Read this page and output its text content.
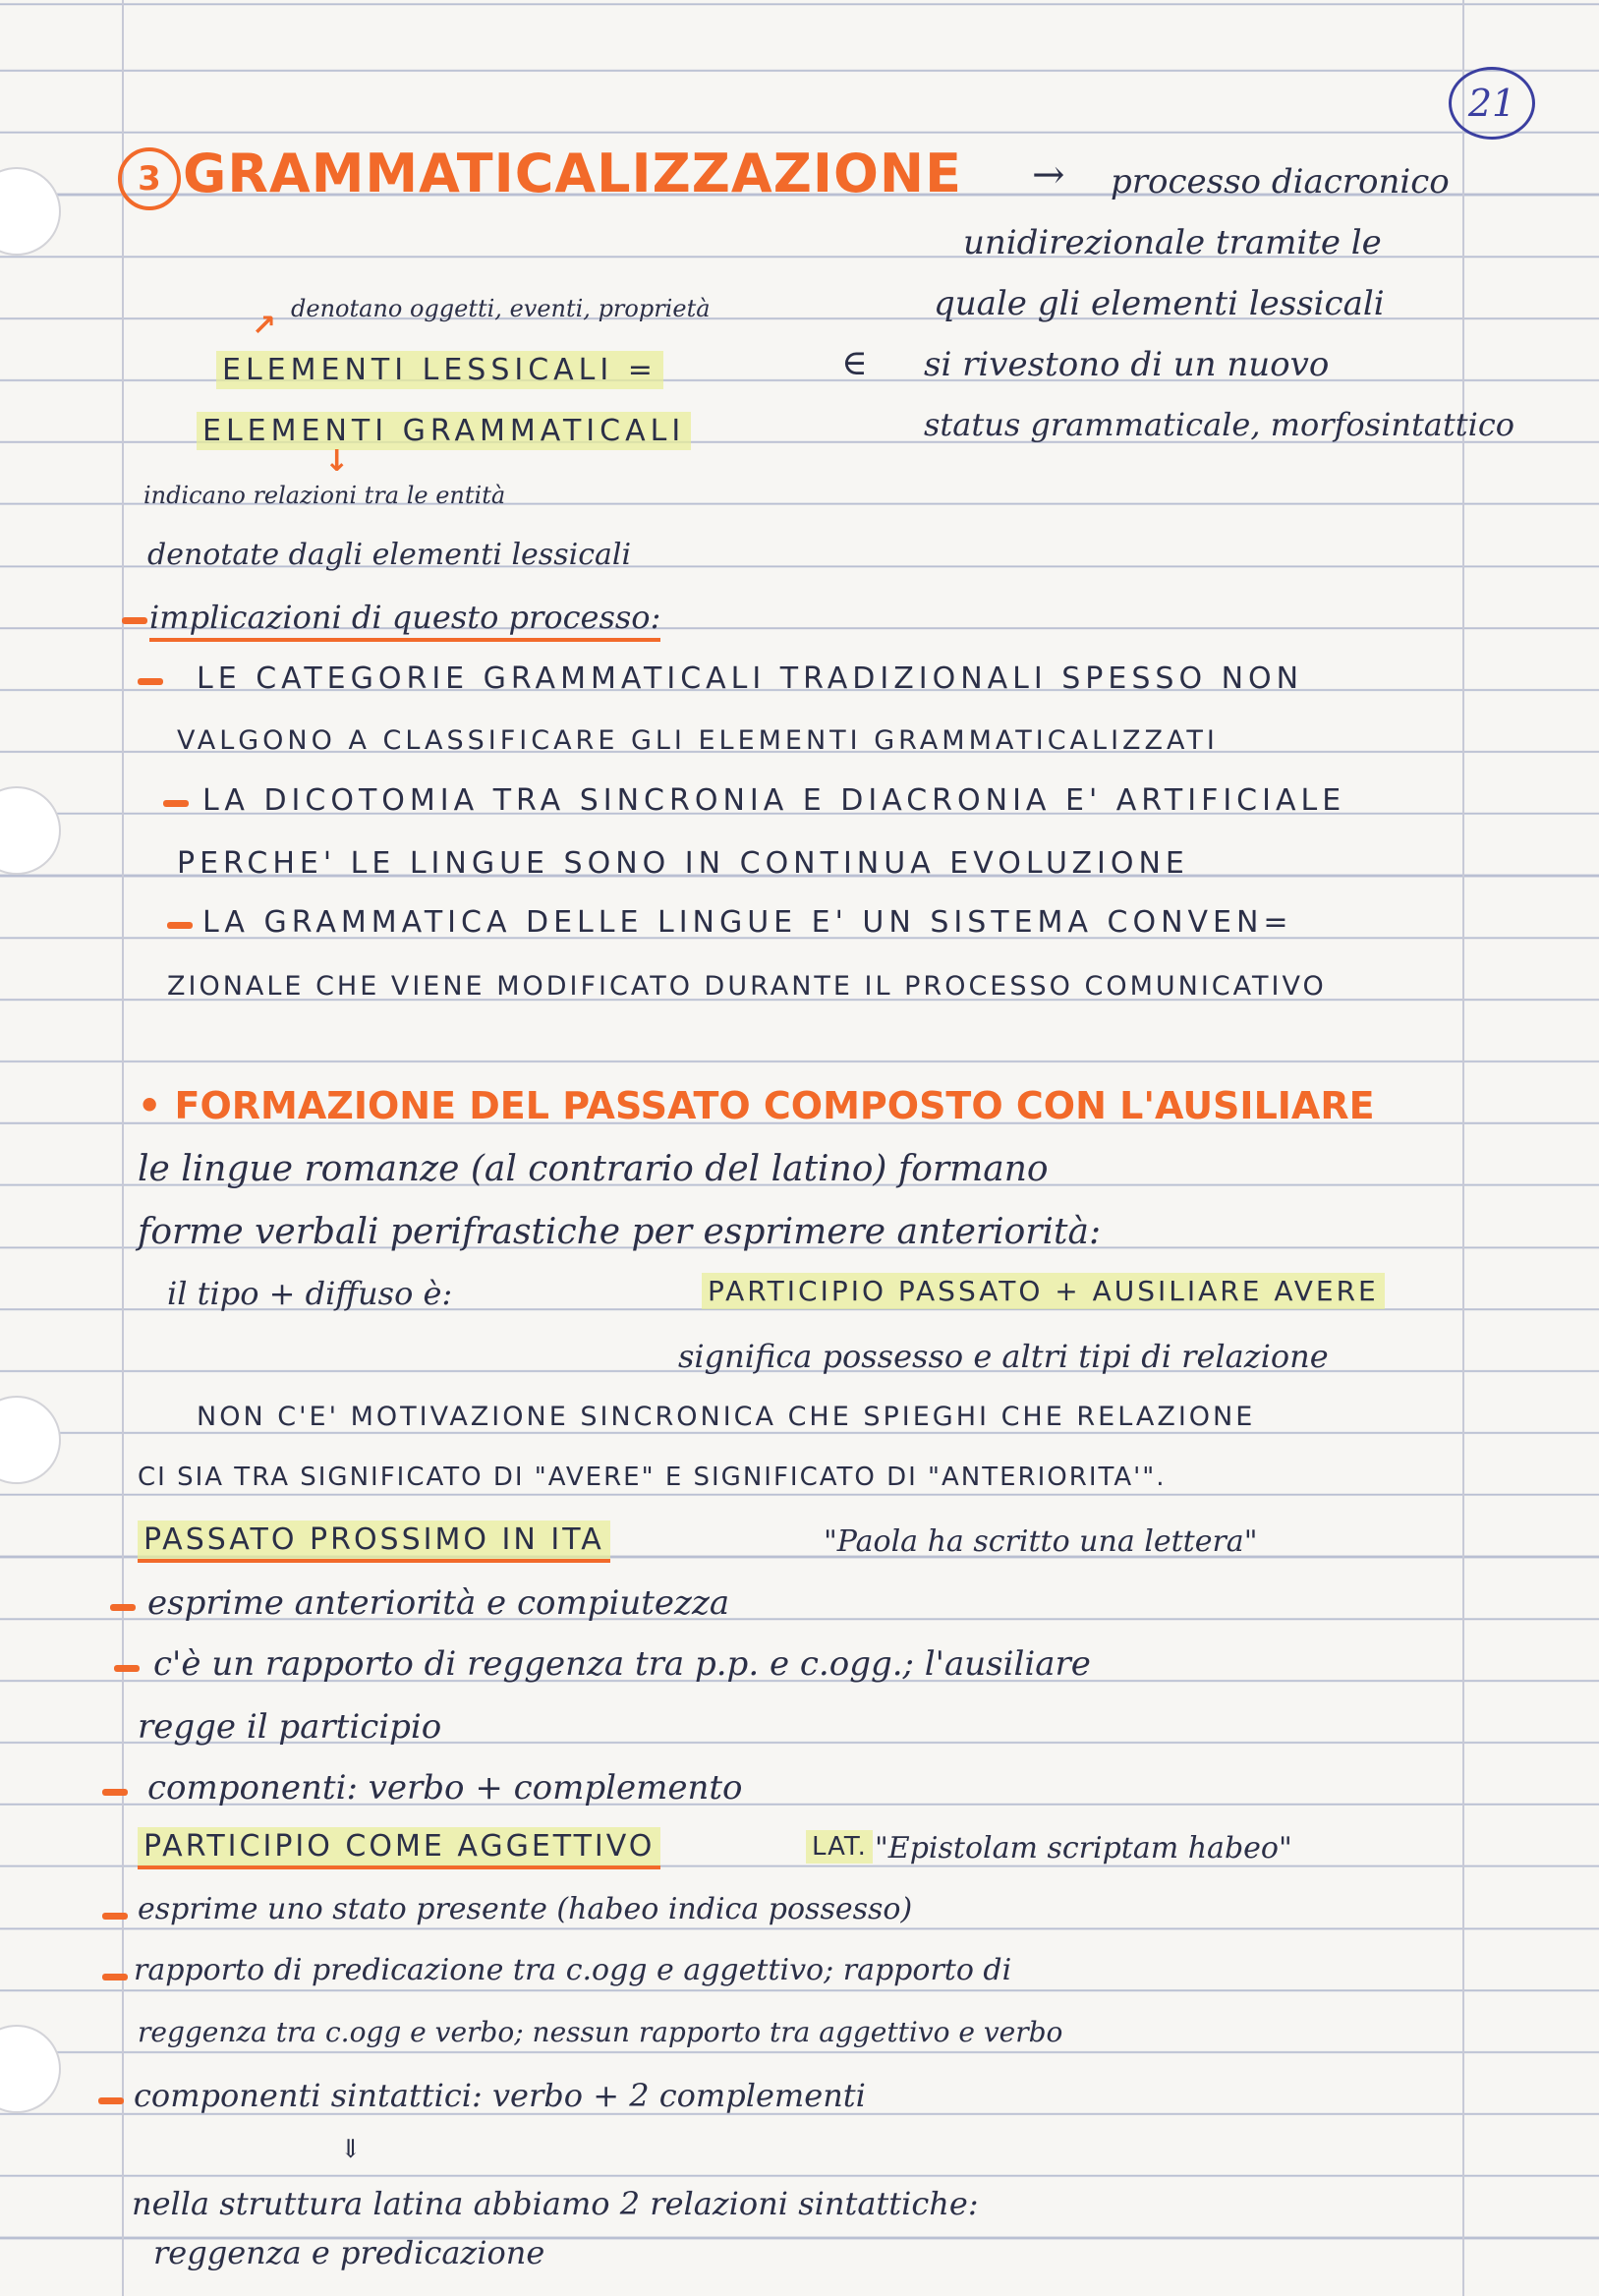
21
3 GRAMMATICALIZZAZIONE → processo diacronico
unidirezionale tramite le
quale gli elementi lessicali
si rivestono di un nuovo
status grammaticale, morfosintattico
∈
↗ denotano oggetti, eventi, proprietà
ELEMENTI LESSICALI =
ELEMENTI GRAMMATICALI
↓
indicano relazioni tra le entità
denotate dagli elementi lessicali
implicazioni di questo processo:
LE CATEGORIE GRAMMATICALI TRADIZIONALI SPESSO NON
VALGONO A CLASSIFICARE GLI ELEMENTI GRAMMATICALIZZATI
LA DICOTOMIA TRA SINCRONIA E DIACRONIA E' ARTIFICIALE
PERCHE' LE LINGUE SONO IN CONTINUA EVOLUZIONE
LA GRAMMATICA DELLE LINGUE E' UN SISTEMA CONVEN=
ZIONALE CHE VIENE MODIFICATO DURANTE IL PROCESSO COMUNICATIVO
• FORMAZIONE DEL PASSATO COMPOSTO CON L'AUSILIARE
le lingue romanze (al contrario del latino) formano
forme verbali perifrastiche per esprimere anteriorità:
il tipo + diffuso è:	PARTICIPIO PASSATO + AUSILIARE AVERE
significa possesso e altri tipi di relazione
NON C'E' MOTIVAZIONE SINCRONICA CHE SPIEGHI CHE RELAZIONE
CI SIA TRA SIGNIFICATO DI "AVERE" E SIGNIFICATO DI "ANTERIORITA'".
PASSATO PROSSIMO IN ITA	"Paola ha scritto una lettera"
esprime anteriorità e compiutezza
c'è un rapporto di reggenza tra p.p. e c.ogg.; l'ausiliare
regge il participio
componenti: verbo + complemento
PARTICIPIO COME AGGETTIVO	LAT. "Epistolam scriptam habeo"
esprime uno stato presente (habeo indica possesso)
rapporto di predicazione tra c.ogg e aggettivo; rapporto di
reggenza tra c.ogg e verbo; nessun rapporto tra aggettivo e verbo
componenti sintattici: verbo + 2 complementi
⇓
nella struttura latina abbiamo 2 relazioni sintattiche:
reggenza e predicazione
